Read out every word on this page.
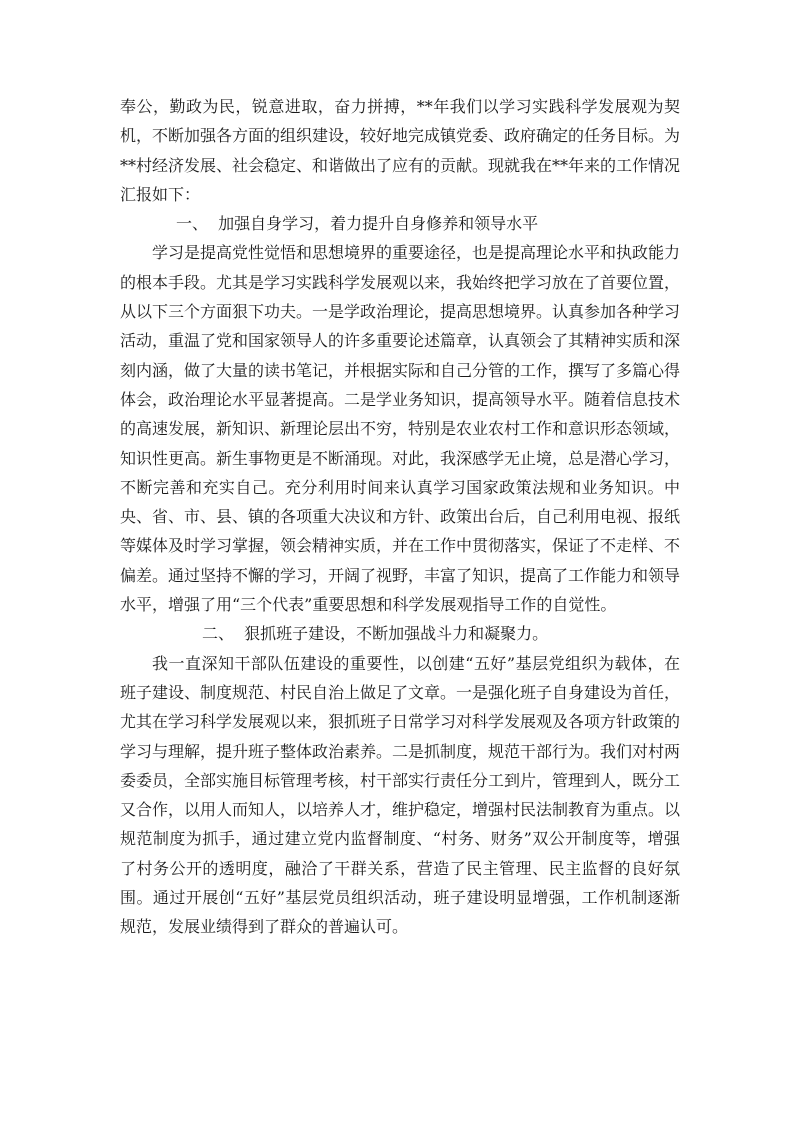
奉公，勤政为民，锐意进取，奋力拼搏，**年我们以学习实践科学发展观为契机，不断加强各方面的组织建设，较好地完成镇党委、政府确定的任务目标。为**村经济发展、社会稳定、和谐做出了应有的贡献。现就我在**年来的工作情况汇报如下：

一、  加强自身学习，着力提升自身修养和领导水平

学习是提高党性觉悟和思想境界的重要途径，也是提高理论水平和执政能力的根本手段。尤其是学习实践科学发展观以来，我始终把学习放在了首要位置，从以下三个方面狠下功夫。一是学政治理论，提高思想境界。认真参加各种学习活动，重温了党和国家领导人的许多重要论述篇章，认真领会了其精神实质和深刻内涵，做了大量的读书笔记，并根据实际和自己分管的工作，撰写了多篇心得体会，政治理论水平显著提高。二是学业务知识，提高领导水平。随着信息技术的高速发展，新知识、新理论层出不穷，特别是农业农村工作和意识形态领域，知识性更高。新生事物更是不断涌现。对此，我深感学无止境，总是潜心学习，不断完善和充实自己。充分利用时间来认真学习国家政策法规和业务知识。中央、省、市、县、镇的各项重大决议和方针、政策出台后，自己利用电视、报纸等媒体及时学习掌握，领会精神实质，并在工作中贯彻落实，保证了不走样、不偏差。通过坚持不懈的学习，开阔了视野，丰富了知识，提高了工作能力和领导水平，增强了用“三个代表”重要思想和科学发展观指导工作的自觉性。

二、  狠抓班子建设，不断加强战斗力和凝聚力。

我一直深知干部队伍建设的重要性，以创建“五好”基层党组织为载体，在班子建设、制度规范、村民自治上做足了文章。一是强化班子自身建设为首任，尤其在学习科学发展观以来，狠抓班子日常学习对科学发展观及各项方针政策的学习与理解，提升班子整体政治素养。二是抓制度，规范干部行为。我们对村两委委员，全部实施目标管理考核，村干部实行责任分工到片，管理到人，既分工又合作，以用人而知人，以培养人才，维护稳定，增强村民法制教育为重点。以规范制度为抓手，通过建立党内监督制度、“村务、财务”双公开制度等，增强了村务公开的透明度，融洽了干群关系，营造了民主管理、民主监督的良好氛围。通过开展创“五好”基层党员组织活动，班子建设明显增强，工作机制逐渐规范，发展业绩得到了群众的普遍认可。
